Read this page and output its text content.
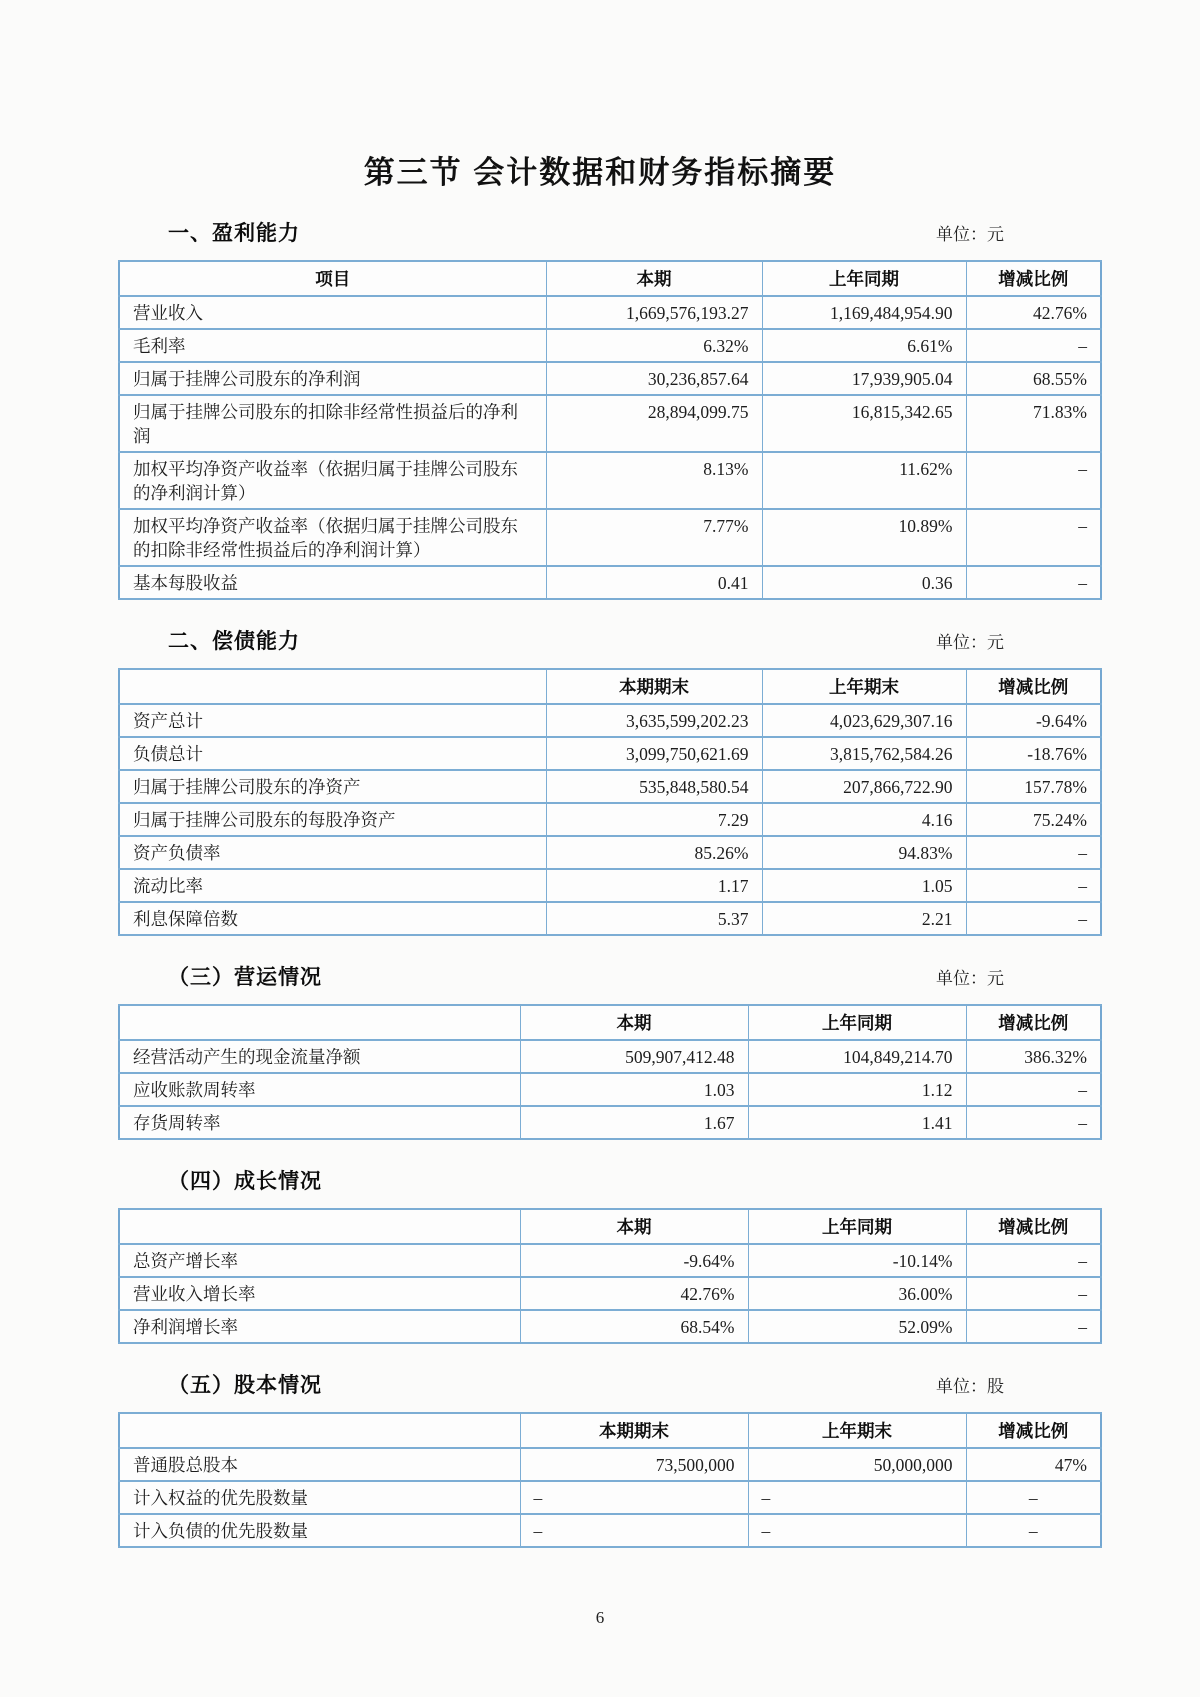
第三节 会计数据和财务指标摘要
一、盈利能力	单位：元
项目	本期	上年同期	增减比例
营业收入	1,669,576,193.27	1,169,484,954.90	42.76%
毛利率	6.32%	6.61%	–
归属于挂牌公司股东的净利润	30,236,857.64	17,939,905.04	68.55%
归属于挂牌公司股东的扣除非经常性损益后的净利润	28,894,099.75	16,815,342.65	71.83%
加权平均净资产收益率（依据归属于挂牌公司股东的净利润计算）	8.13%	11.62%	–
加权平均净资产收益率（依据归属于挂牌公司股东的扣除非经常性损益后的净利润计算）	7.77%	10.89%	–
基本每股收益	0.41	0.36	–
二、偿债能力	单位：元
	本期期末	上年期末	增减比例
资产总计	3,635,599,202.23	4,023,629,307.16	-9.64%
负债总计	3,099,750,621.69	3,815,762,584.26	-18.76%
归属于挂牌公司股东的净资产	535,848,580.54	207,866,722.90	157.78%
归属于挂牌公司股东的每股净资产	7.29	4.16	75.24%
资产负债率	85.26%	94.83%	–
流动比率	1.17	1.05	–
利息保障倍数	5.37	2.21	–
（三）营运情况	单位：元
	本期	上年同期	增减比例
经营活动产生的现金流量净额	509,907,412.48	104,849,214.70	386.32%
应收账款周转率	1.03	1.12	–
存货周转率	1.67	1.41	–
（四）成长情况
	本期	上年同期	增减比例
总资产增长率	-9.64%	-10.14%	–
营业收入增长率	42.76%	36.00%	–
净利润增长率	68.54%	52.09%	–
（五）股本情况	单位：股
	本期期末	上年期末	增减比例
普通股总股本	73,500,000	50,000,000	47%
计入权益的优先股数量	–	–	–
计入负债的优先股数量	–	–	–
6
